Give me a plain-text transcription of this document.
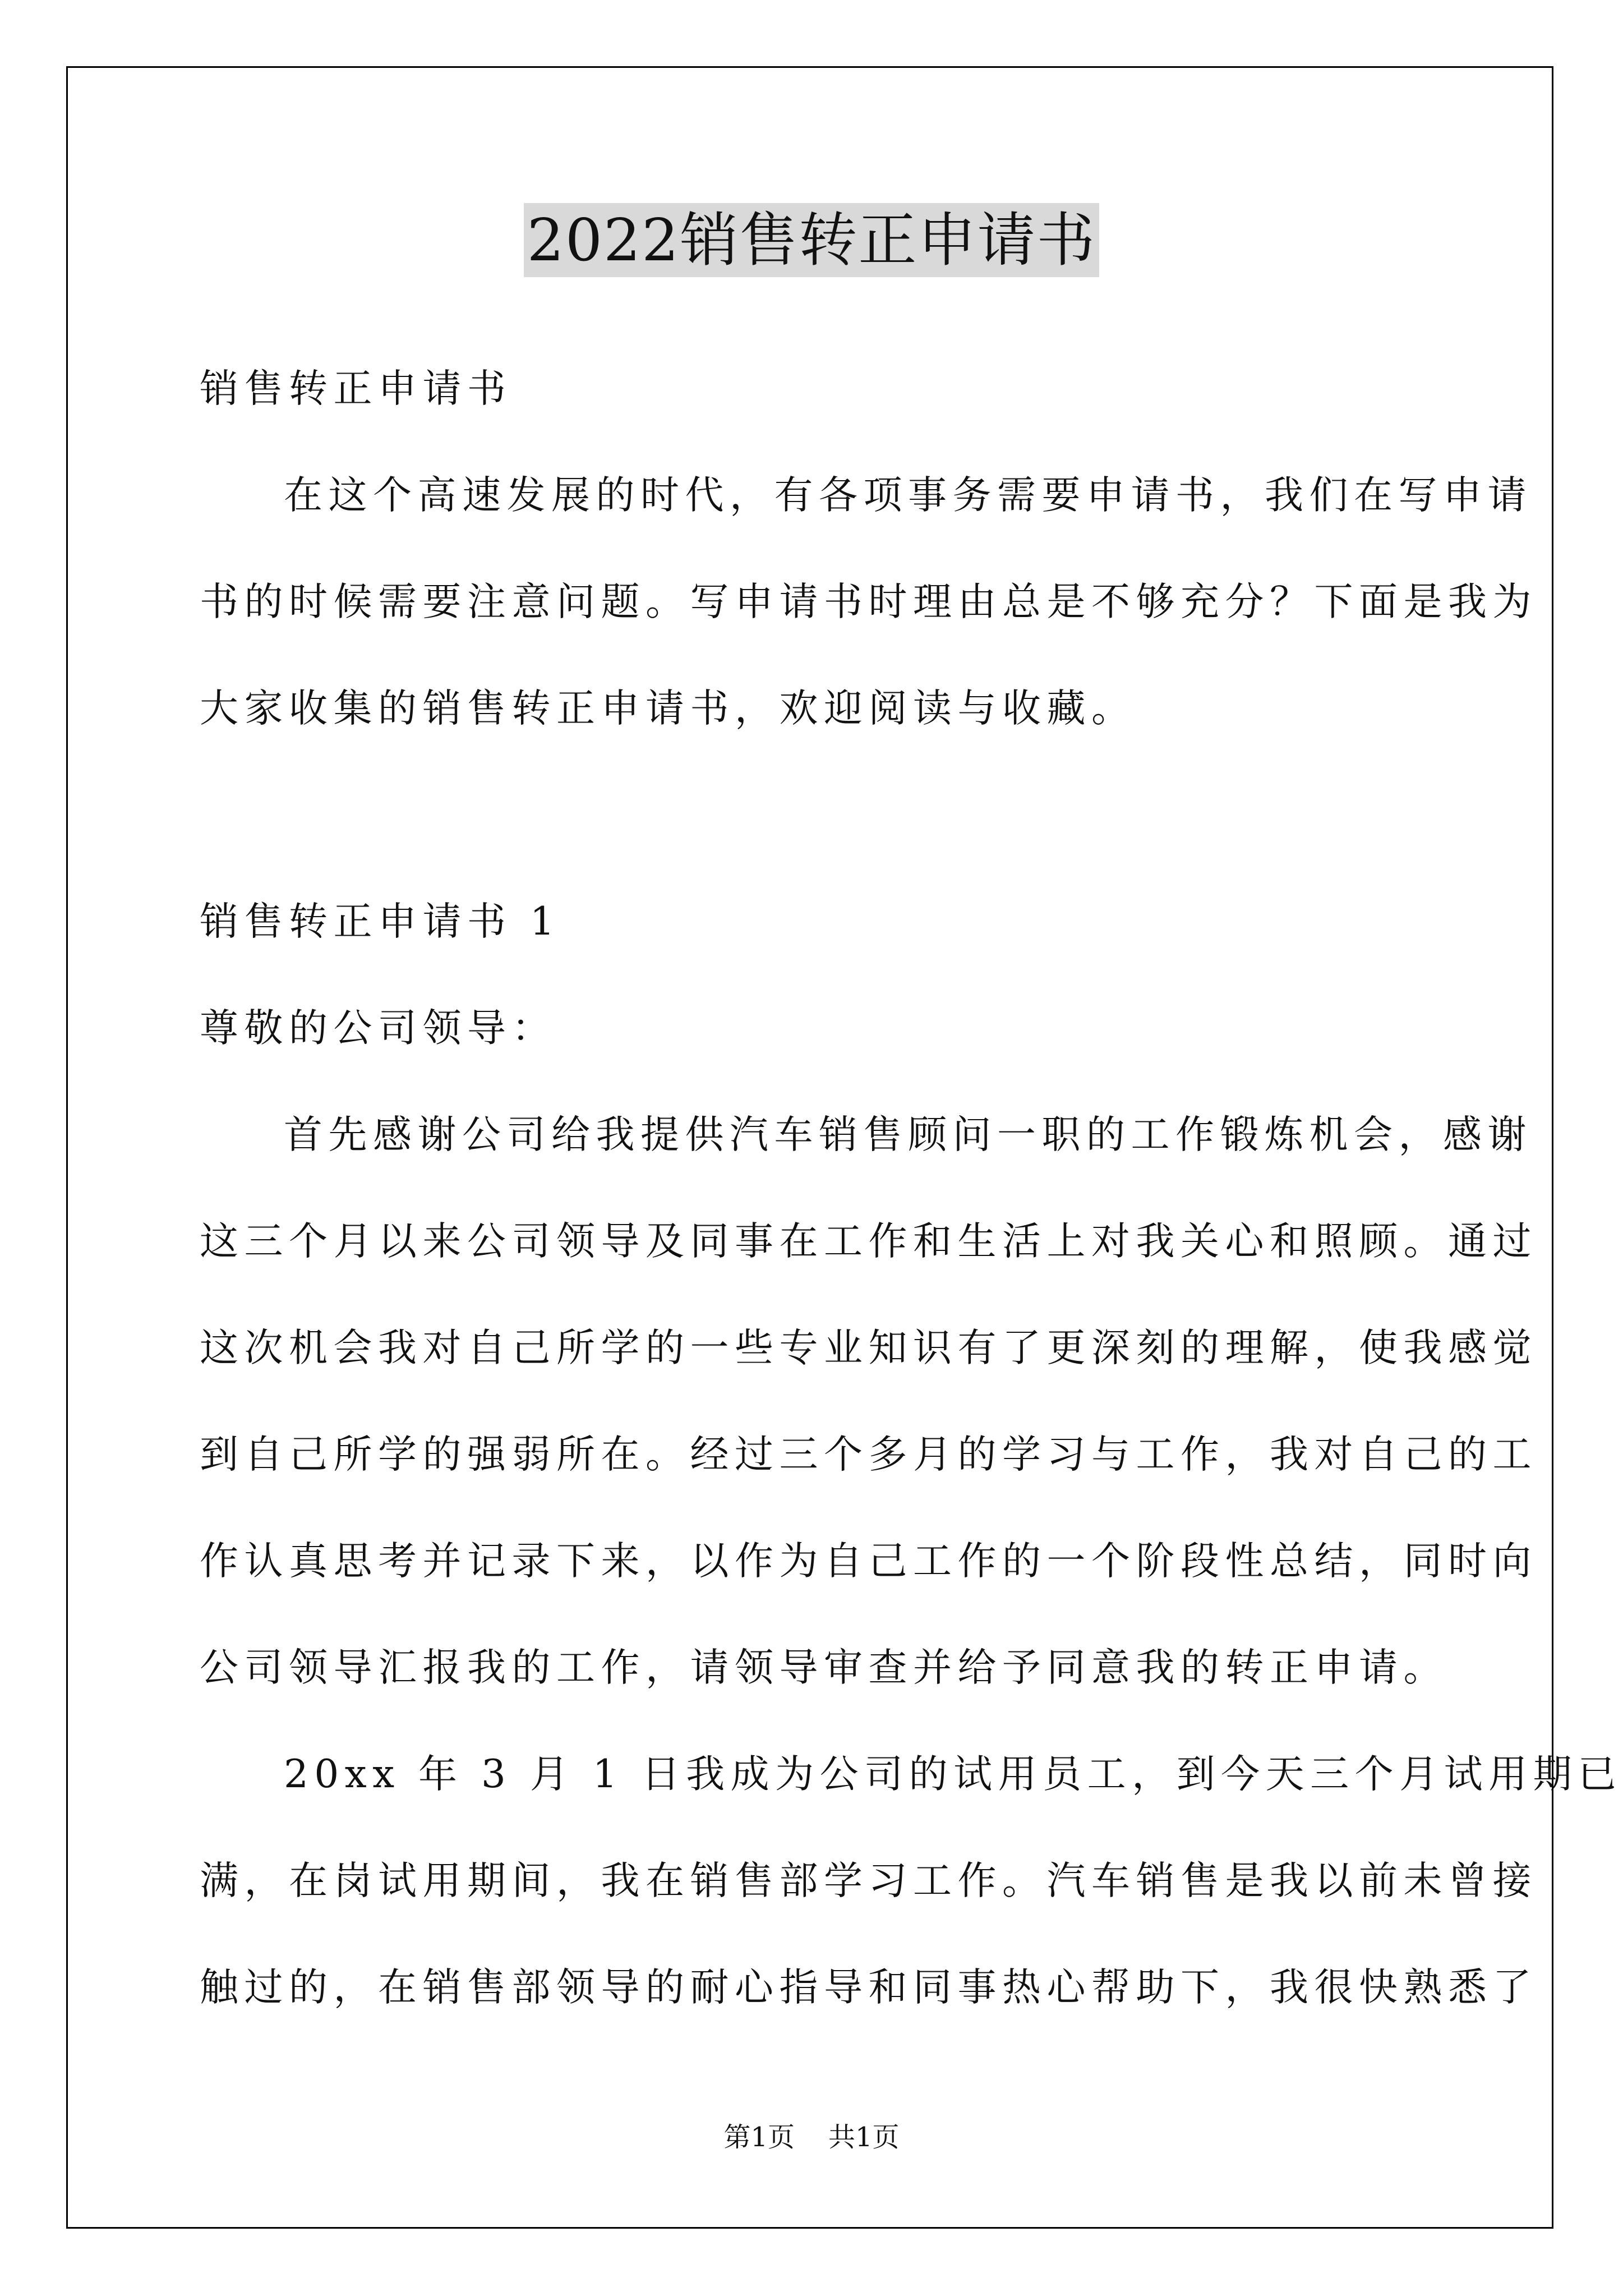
2022销售转正申请书
销售转正申请书
在这个高速发展的时代，有各项事务需要申请书，我们在写申请
书的时候需要注意问题。写申请书时理由总是不够充分？下面是我为
大家收集的销售转正申请书，欢迎阅读与收藏。
销售转正申请书 1
尊敬的公司领导：
首先感谢公司给我提供汽车销售顾问一职的工作锻炼机会，感谢
这三个月以来公司领导及同事在工作和生活上对我关心和照顾。通过
这次机会我对自己所学的一些专业知识有了更深刻的理解，使我感觉
到自己所学的强弱所在。经过三个多月的学习与工作，我对自己的工
作认真思考并记录下来，以作为自己工作的一个阶段性总结，同时向
公司领导汇报我的工作，请领导审查并给予同意我的转正申请。
20xx 年 3 月 1 日我成为公司的试用员工，到今天三个月试用期已
满，在岗试用期间，我在销售部学习工作。汽车销售是我以前未曾接
触过的，在销售部领导的耐心指导和同事热心帮助下，我很快熟悉了
第1页 共1页
